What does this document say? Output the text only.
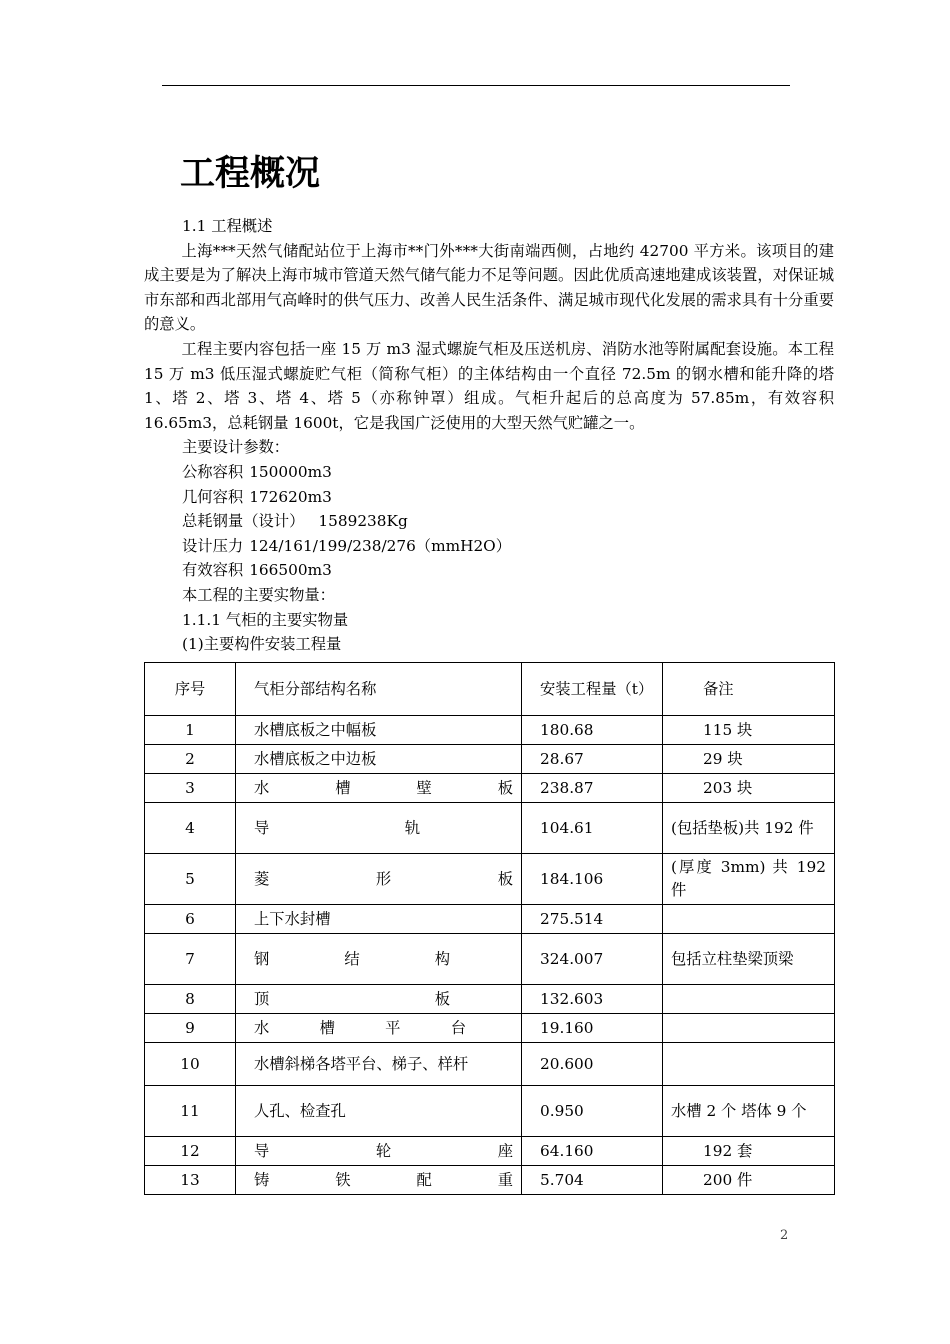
工程概况
1.1 工程概述

上海***天然气储配站位于上海市**门外***大街南端西侧，占地约 42700 平方米。该项目的建成主要是为了解决上海市城市管道天然气储气能力不足等问题。因此优质高速地建成该装置，对保证城市东部和西北部用气高峰时的供气压力、改善人民生活条件、满足城市现代化发展的需求具有十分重要的意义。

工程主要内容包括一座 15 万 m3 湿式螺旋气柜及压送机房、消防水池等附属配套设施。本工程 15 万 m3 低压湿式螺旋贮气柜（简称气柜）的主体结构由一个直径 72.5m 的钢水槽和能升降的塔 1、塔 2、塔 3、塔 4、塔 5（亦称钟罩）组成。气柜升起后的总高度为 57.85m，有效容积 16.65m3，总耗钢量 1600t，它是我国广泛使用的大型天然气贮罐之一。

主要设计参数：
公称容积 150000m3
几何容积 172620m3
总耗钢量（设计） 1589238Kg
设计压力 124/161/199/238/276（mmH2O）
有效容积 166500m3
本工程的主要实物量：
1.1.1 气柜的主要实物量
(1)主要构件安装工程量
序号	气柜分部结构名称	安装工程量（t）	备注
1	水槽底板之中幅板	180.68	115 块
2	水槽底板之中边板	28.67	29 块
3	水槽壁板	238.87	203 块
4	导轨	104.61	(包括垫板)共 192 件
5	菱形板	184.106	(厚度 3mm) 共 192 件
6	上下水封槽	275.514	
7	钢结构	324.007	包括立柱垫梁顶梁
8	顶板	132.603	
9	水槽平台	19.160	
10	水槽斜梯各塔平台、梯子、样杆	20.600	
11	人孔、检查孔	0.950	水槽 2 个 塔体 9 个
12	导轮座	64.160	192 套
13	铸铁配重	5.704	200 件
2
